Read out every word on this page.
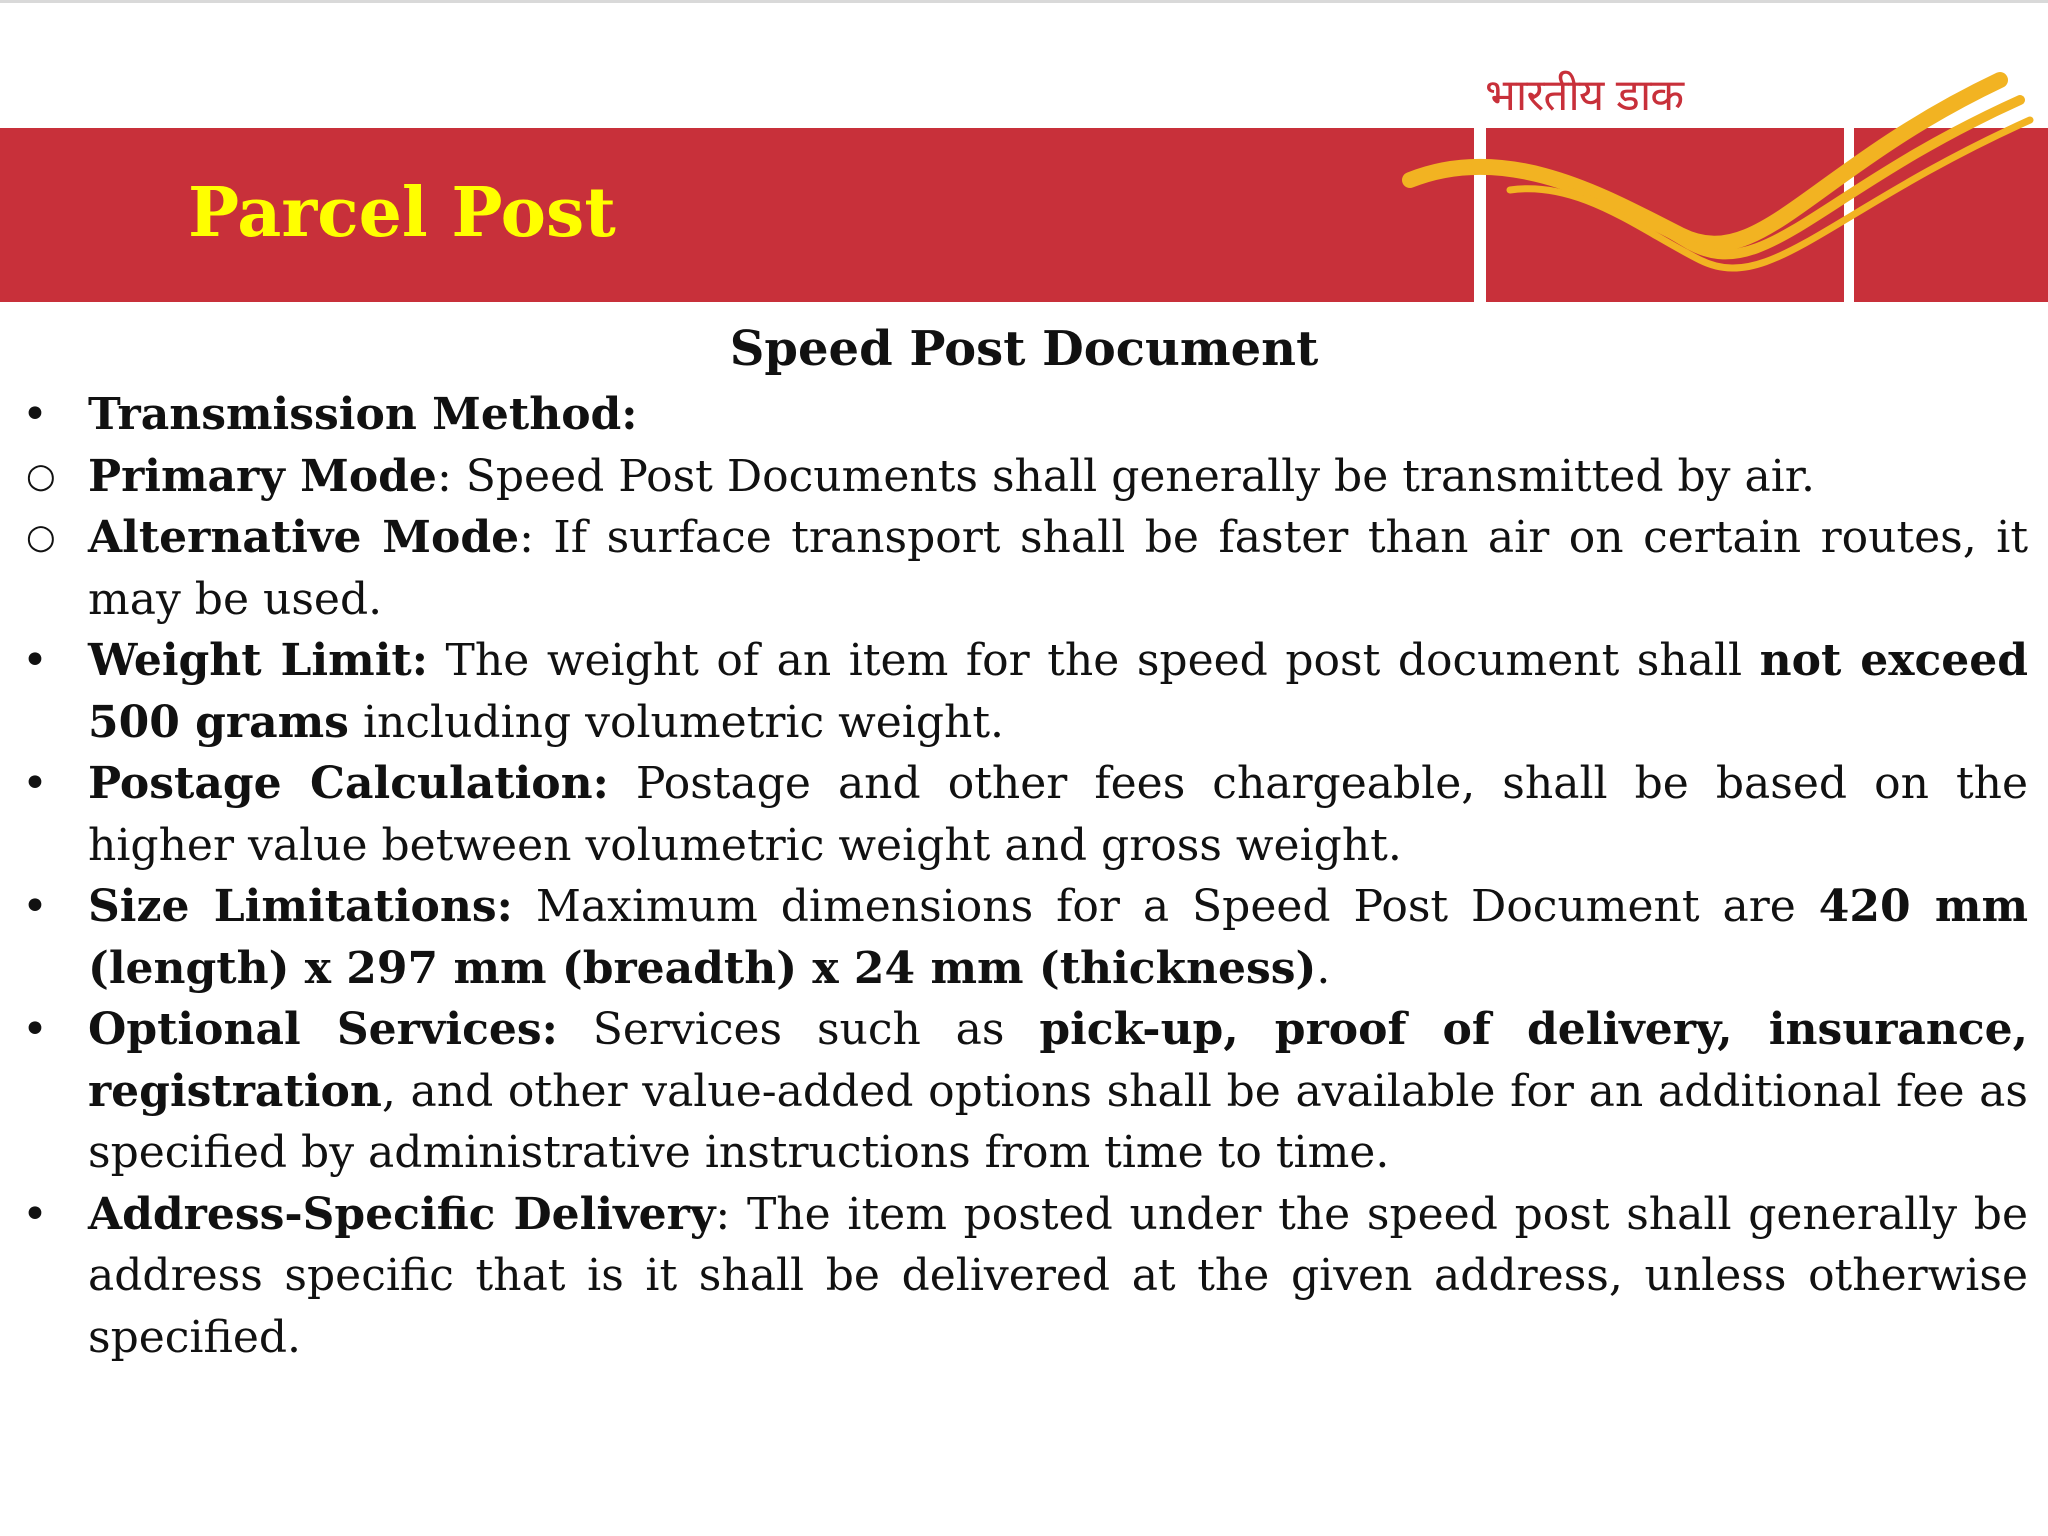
भारतीय डाक
Parcel Post
Speed Post Document
• Transmission Method:
○ Primary Mode: Speed Post Documents shall generally be transmitted by air.
○ Alternative Mode: If surface transport shall be faster than air on certain routes, it may be used.
• Weight Limit: The weight of an item for the speed post document shall not exceed 500 grams including volumetric weight.
• Postage Calculation: Postage and other fees chargeable, shall be based on the higher value between volumetric weight and gross weight.
• Size Limitations: Maximum dimensions for a Speed Post Document are 420 mm (length) x 297 mm (breadth) x 24 mm (thickness).
• Optional Services: Services such as pick-up, proof of delivery, insurance, registration, and other value-added options shall be available for an additional fee as specified by administrative instructions from time to time.
• Address-Specific Delivery: The item posted under the speed post shall generally be address specific that is it shall be delivered at the given address, unless otherwise specified.
